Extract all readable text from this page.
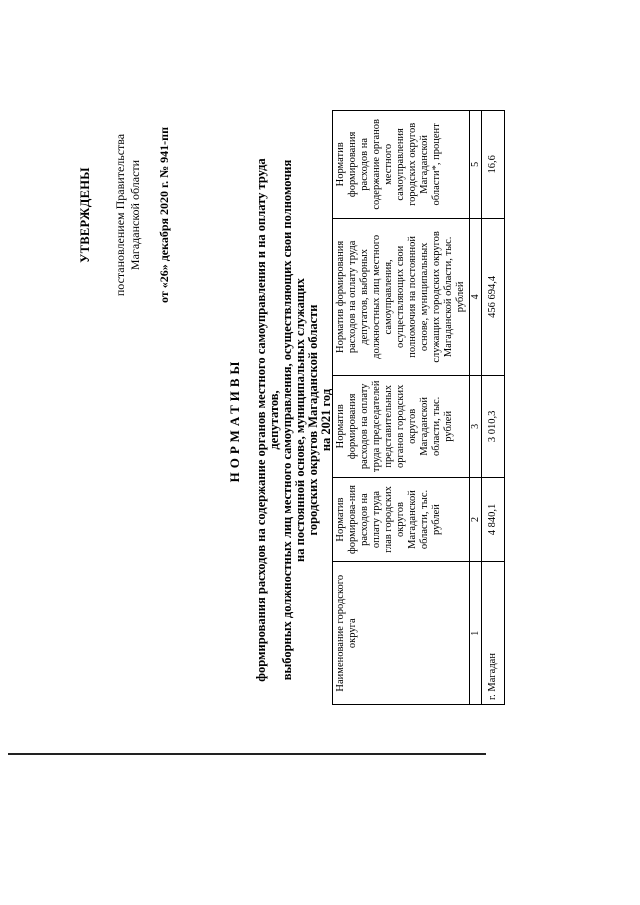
УТВЕРЖДЕНЫ постановлением Правительства Магаданской области от «26» декабря 2020 г. № 941-пп
НОРМАТИВЫ формирования расходов на содержание органов местного самоуправления и на оплату труда депутатов, выборных должностных лиц местного самоуправления, осуществляющих свои полномочия на постоянной основе, муниципальных служащих городских округов Магаданской области на 2021 год
Наименование городского округа	Норматив формирова-ния расходов на оплату труда глав городских округов Магаданской области, тыс. рублей	Норматив формирования расходов на оплату труда председателей представительных органов городских округов Магаданской области, тыс. рублей	Норматив формирования расходов на оплату труда депутатов, выборных должностных лиц местного самоуправления, осуществляющих свои полномочия на постоянной основе, муниципальных служащих городских округов Магаданской области, тыс. рублей	Норматив формирования расходов на содержание органов местного самоуправления городских округов Магаданской области*, процент
1	2	3	4	5
г. Магадан	4 840,1	3 010,3	456 694,4	16,6
